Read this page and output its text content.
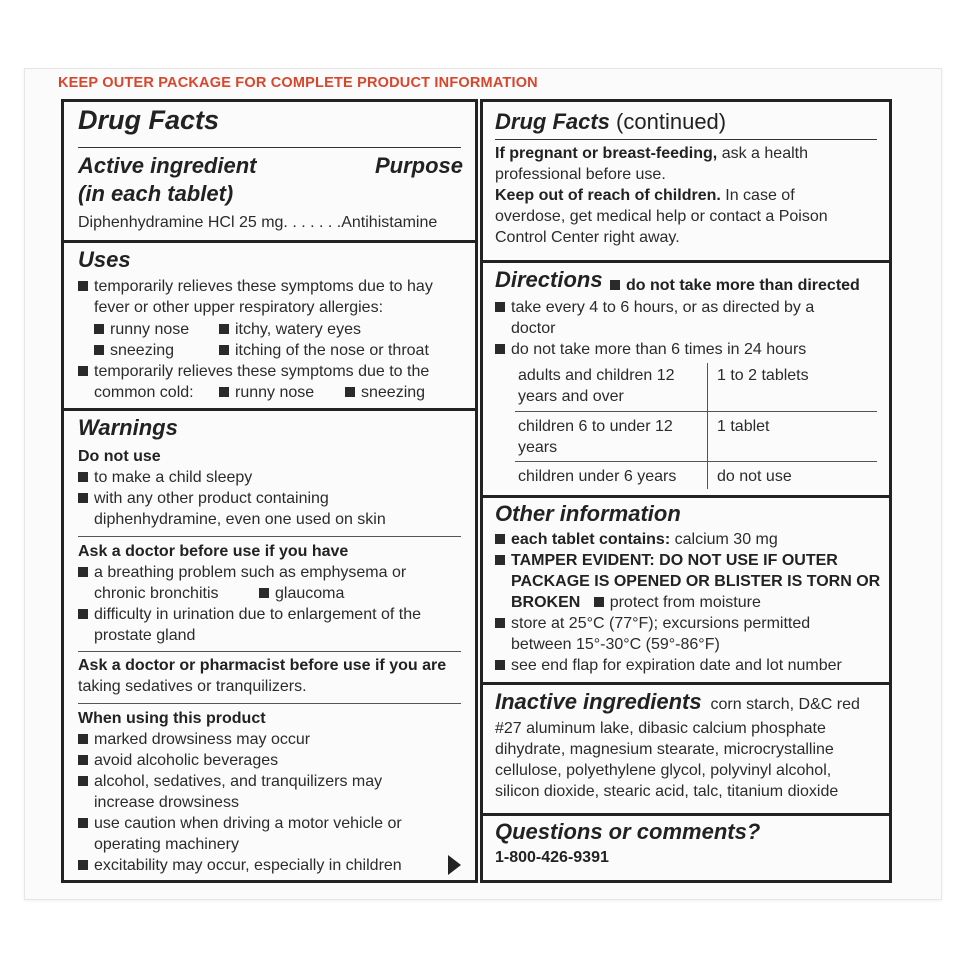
KEEP OUTER PACKAGE FOR COMPLETE PRODUCT INFORMATION
Drug Facts
Active ingredient
(in each tablet)
Purpose
Diphenhydramine HCl 25 mg. . . . . . .Antihistamine
Uses
temporarily relieves these symptoms due to hay
fever or other upper respiratory allergies:
runny nose	itchy, watery eyes
sneezing	itching of the nose or throat
temporarily relieves these symptoms due to the
common cold:	runny nose	sneezing
Warnings
Do not use
to make a child sleepy
with any other product containing
diphenhydramine, even one used on skin
Ask a doctor before use if you have
a breathing problem such as emphysema or
chronic bronchitis	glaucoma
difficulty in urination due to enlargement of the
prostate gland
Ask a doctor or pharmacist before use if you are
taking sedatives or tranquilizers.
When using this product
marked drowsiness may occur
avoid alcoholic beverages
alcohol, sedatives, and tranquilizers may
increase drowsiness
use caution when driving a motor vehicle or
operating machinery
excitability may occur, especially in children
Drug Facts (continued)
If pregnant or breast-feeding, ask a health
professional before use.
Keep out of reach of children. In case of
overdose, get medical help or contact a Poison
Control Center right away.
Directions	do not take more than directed
take every 4 to 6 hours, or as directed by a
doctor
do not take more than 6 times in 24 hours
adults and children 12
years and over
1 to 2 tablets
children 6 to under 12
years
1 tablet
children under 6 years	do not use
Other information
each tablet contains: calcium 30 mg
TAMPER EVIDENT: DO NOT USE IF OUTER
PACKAGE IS OPENED OR BLISTER IS TORN OR
BROKEN protect from moisture
store at 25°C (77°F); excursions permitted
between 15°-30°C (59°-86°F)
see end flap for expiration date and lot number
Inactive ingredients corn starch, D&C red
#27 aluminum lake, dibasic calcium phosphate
dihydrate, magnesium stearate, microcrystalline
cellulose, polyethylene glycol, polyvinyl alcohol,
silicon dioxide, stearic acid, talc, titanium dioxide
Questions or comments?
1-800-426-9391
